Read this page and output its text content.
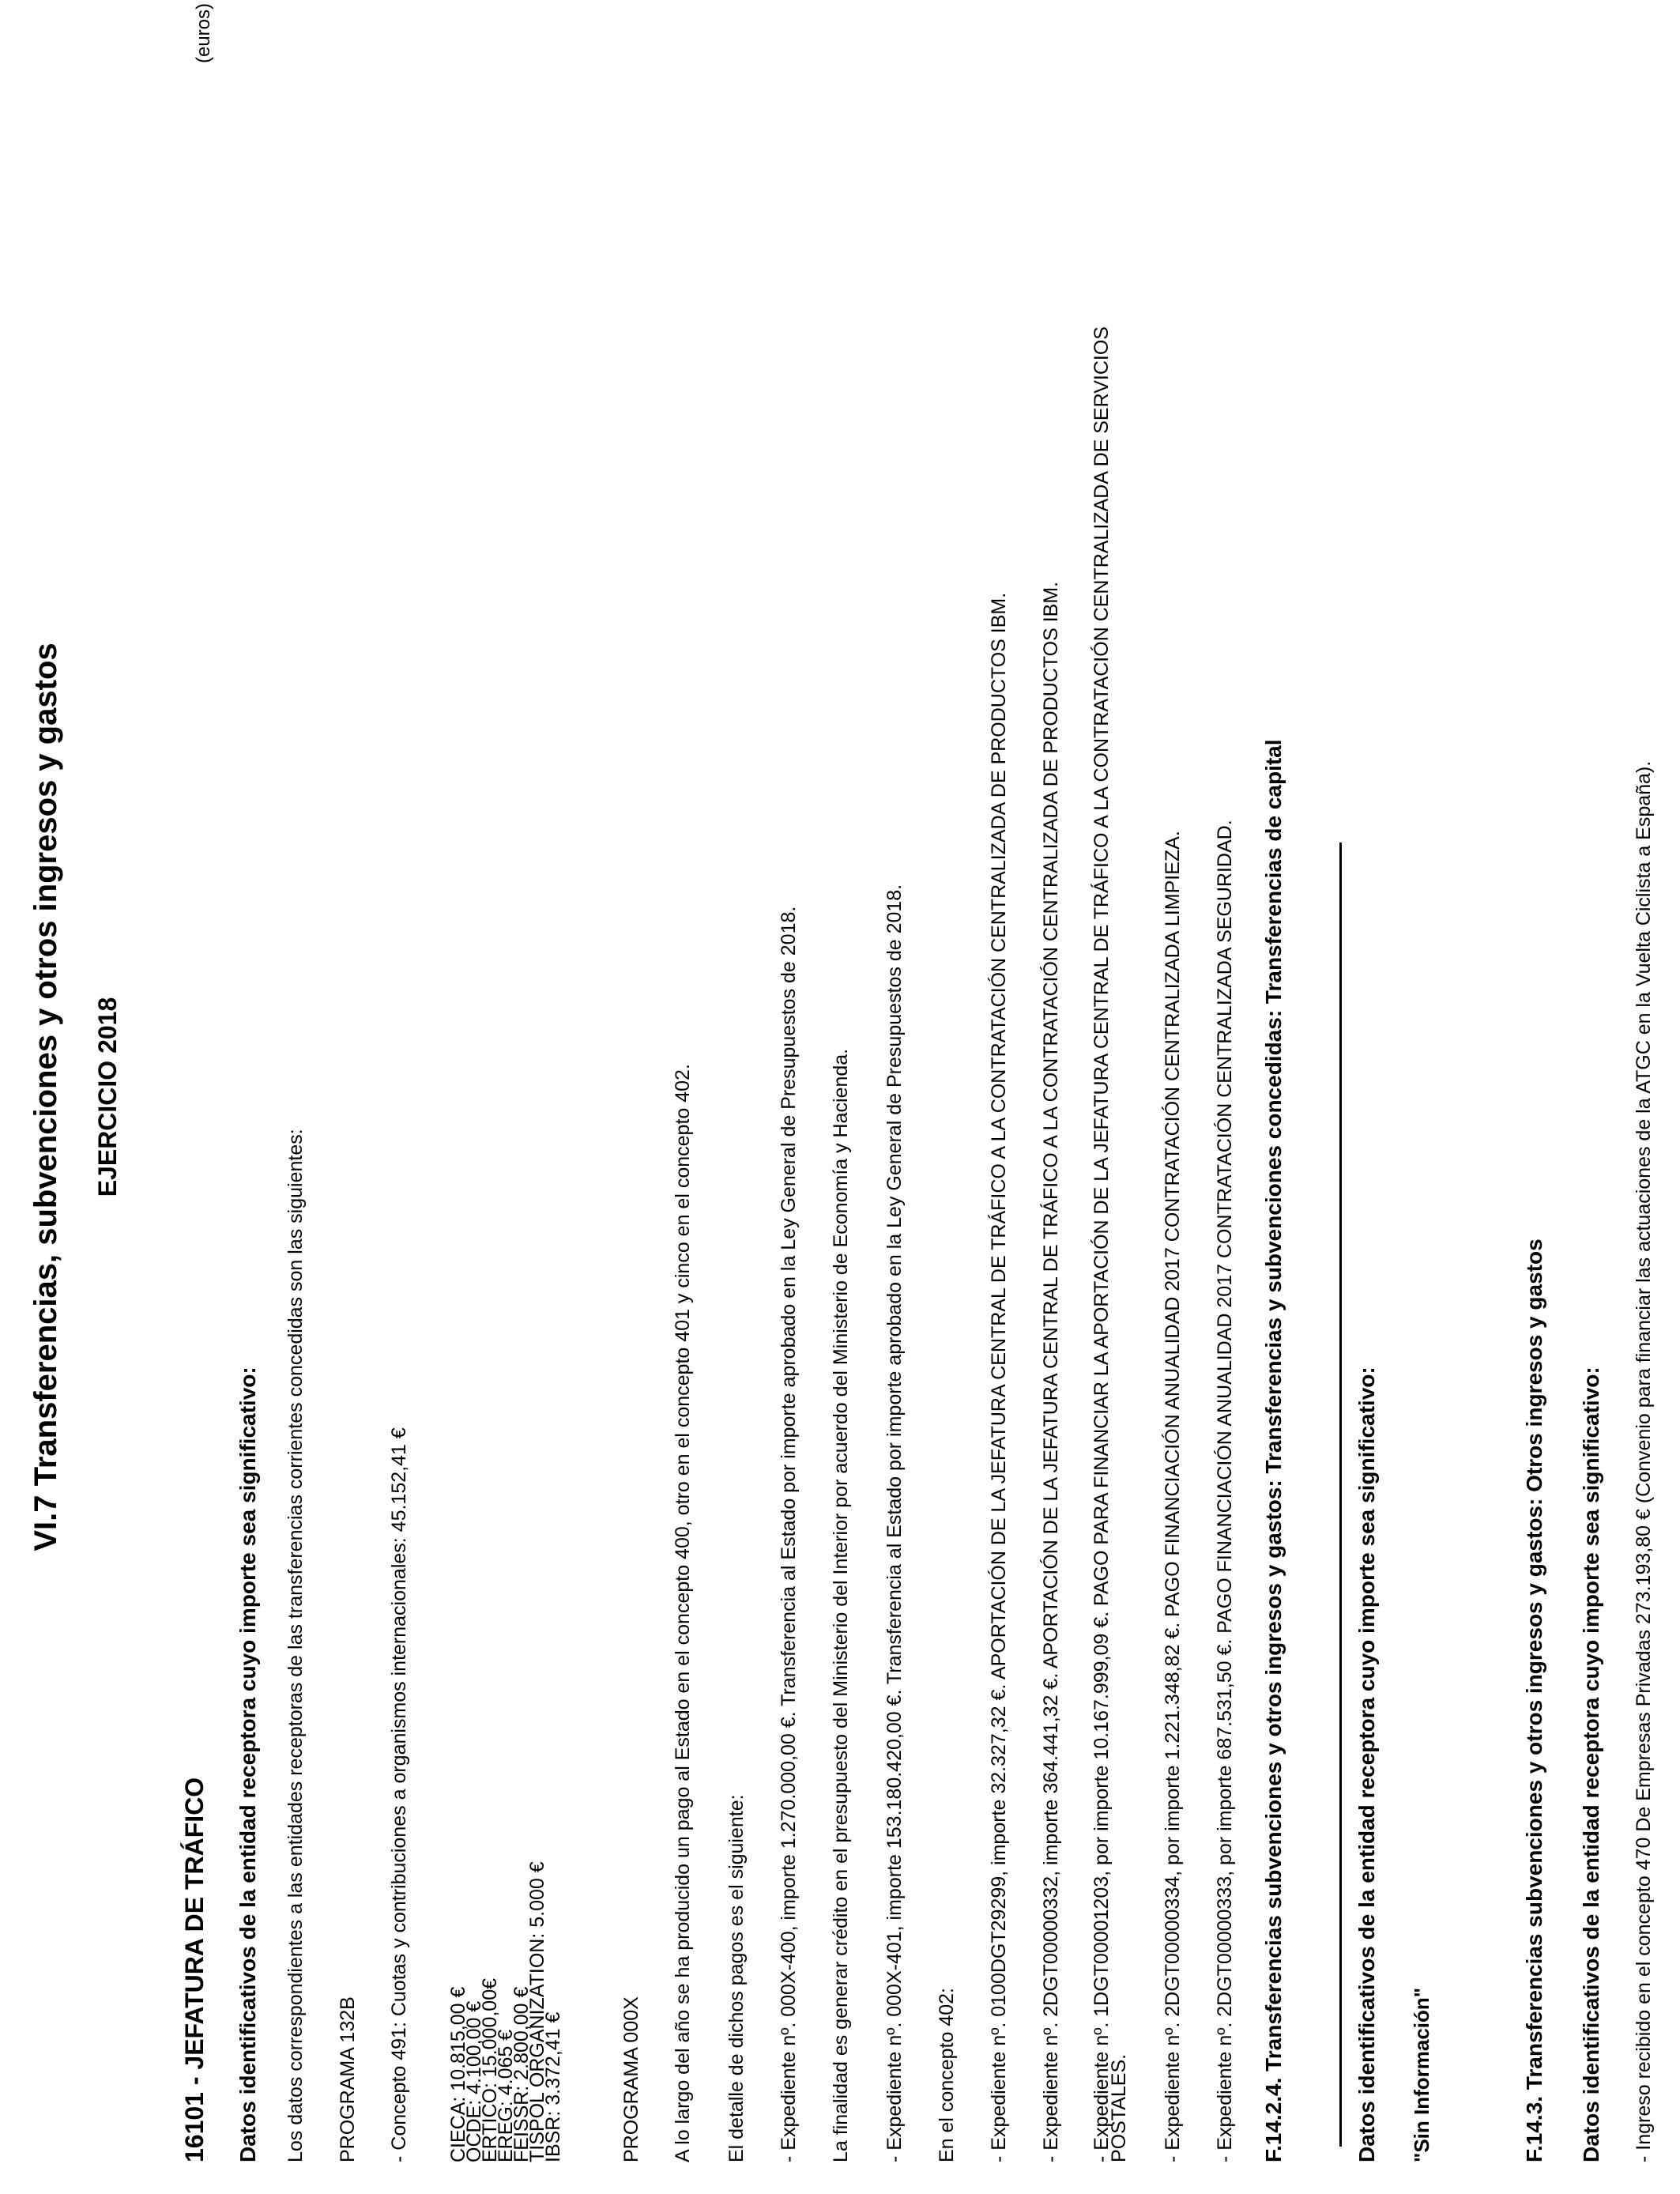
(euros)
VI.7 Transferencias, subvenciones y otros ingresos y gastos EJERCICIO 2018
16101 - JEFATURA DE TRÁFICO Datos identificativos de la entidad receptora cuyo importe sea significativo: Los datos correspondientes a las entidades receptoras de las transferencias corrientes concedidas son las siguientes: PROGRAMA 132B - Concepto 491: Cuotas y contribuciones a organismos internacionales: 45.152,41 € CIECA: 10.815,00 €
OCDE: 4.100,00 €
ERTICO: 15.000,00€
EREG: 4.065 €
FEISSR: 2.800,00 €
TISPOL ORGANIZATION: 5.000 €
IBSR: 3.372,41 €	PROGRAMA 000X A lo largo del año se ha producido un pago al Estado en el concepto 400, otro en el concepto 401 y cinco en el concepto 402. El detalle de dichos pagos es el siguiente: - Expediente nº. 000X-400, importe 1.270.000,00 €. Transferencia al Estado por importe aprobado en la Ley General de Presupuestos de 2018. La finalidad es generar crédito en el presupuesto del Ministerio del Interior por acuerdo del Ministerio de Economía y Hacienda. - Expediente nº. 000X-401, importe 153.180.420,00 €. Transferencia al Estado por importe aprobado en la Ley General de Presupuestos de 2018. En el concepto 402: - Expediente nº. 0100DGT29299, importe 32.327,32 €. APORTACIÓN DE LA JEFATURA CENTRAL DE TRÁFICO A LA CONTRATACIÓN CENTRALIZADA DE PRODUCTOS IBM. - Expediente nº. 2DGT00000332, importe 364.441,32 €. APORTACIÓN DE LA JEFATURA CENTRAL DE TRÁFICO A LA CONTRATACIÓN CENTRALIZADA DE PRODUCTOS IBM. - Expediente nº. 1DGT00001203, por importe 10.167.999,09 €. PAGO PARA FINANCIAR LA APORTACIÓN DE LA JEFATURA CENTRAL DE TRÁFICO A LA CONTRATACIÓN CENTRALIZADA DE SERVICIOS
POSTALES. - Expediente nº. 2DGT00000334, por importe 1.221.348,82 €. PAGO FINANCIACIÓN ANUALIDAD 2017 CONTRATACIÓN CENTRALIZADA LIMPIEZA. - Expediente nº. 2DGT00000333, por importe 687.531,50 €. PAGO FINANCIACIÓN ANUALIDAD 2017 CONTRATACIÓN CENTRALIZADA SEGURIDAD. F.14.2.4. Transferencias subvenciones y otros ingresos y gastos: Transferencias y subvenciones concedidas: Transferencias de capital	Datos identificativos de la entidad receptora cuyo importe sea significativo: "Sin Información"	F.14.3. Transferencias subvenciones y otros ingresos y gastos: Otros ingresos y gastos Datos identificativos de la entidad receptora cuyo importe sea significativo: - Ingreso recibido en el concepto 470 De Empresas Privadas 273.193,80 € (Convenio para financiar las actuaciones de la ATGC en la Vuelta Ciclista a España).
